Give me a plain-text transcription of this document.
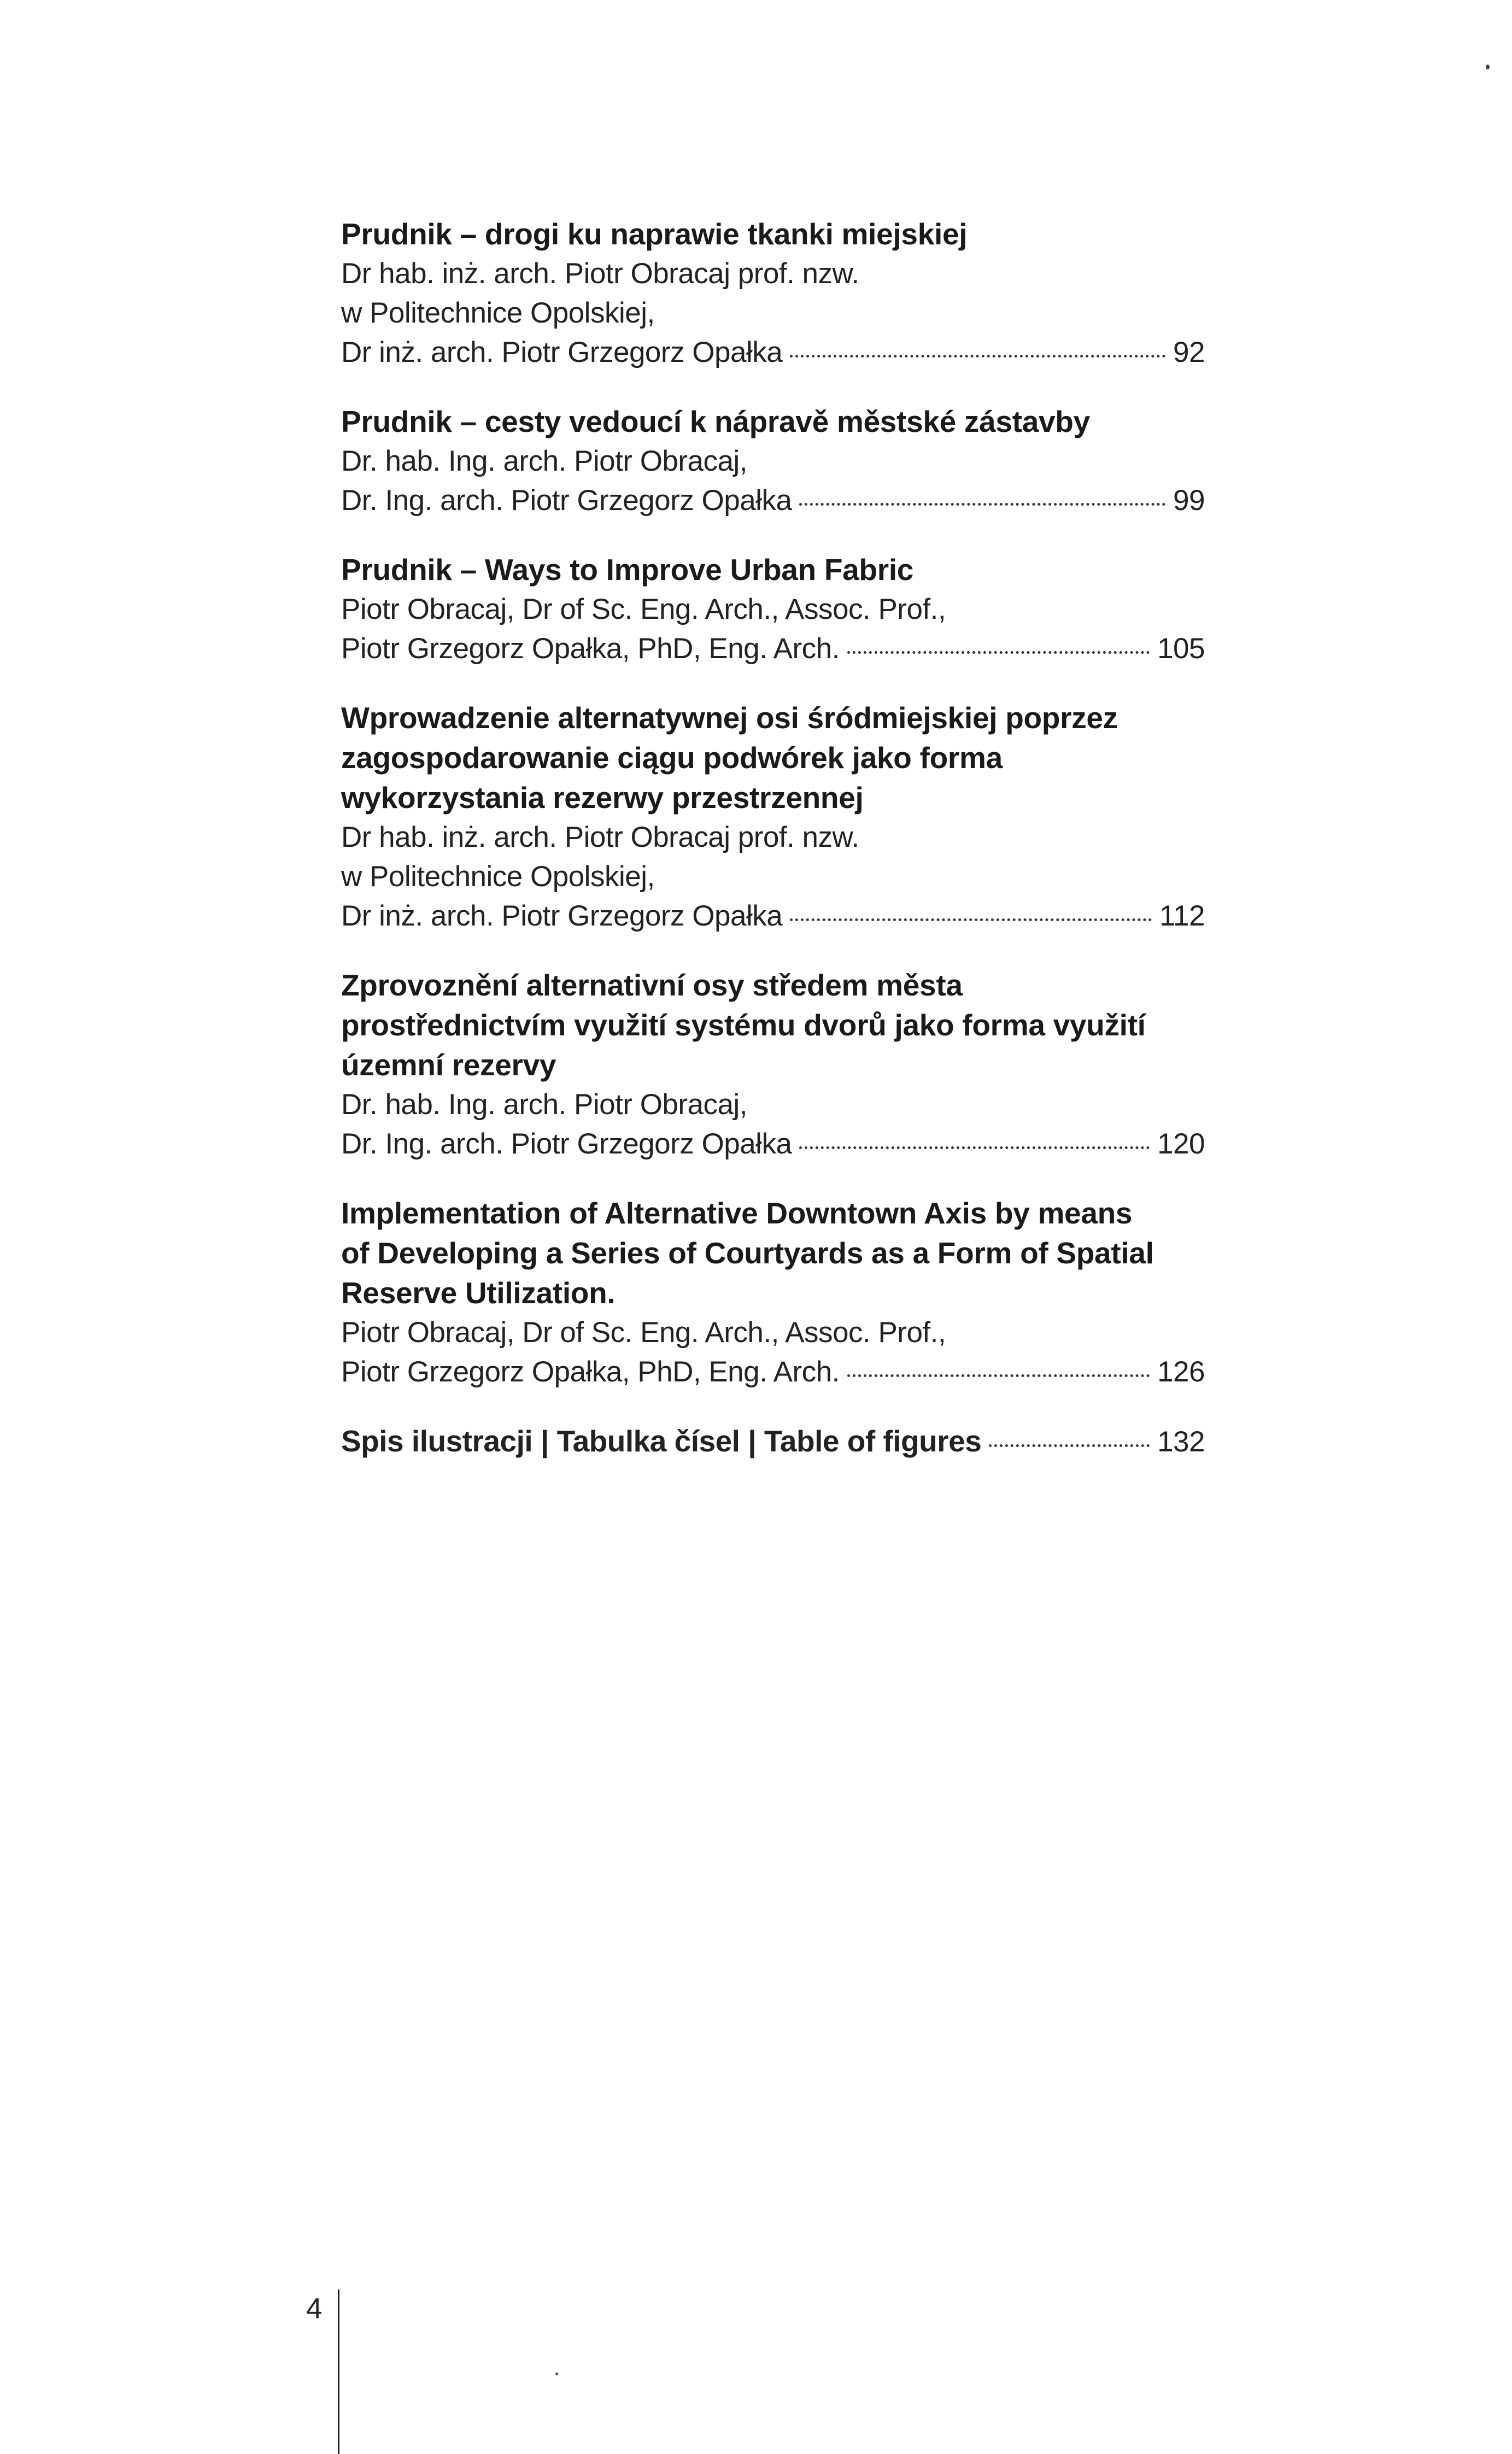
Prudnik – drogi ku naprawie tkanki miejskiej
Dr hab. inż. arch. Piotr Obracaj prof. nzw.
w Politechnice Opolskiej,
Dr inż. arch. Piotr Grzegorz Opałka	92
Prudnik – cesty vedoucí k nápravě městské zástavby
Dr. hab. Ing. arch. Piotr Obracaj,
Dr. Ing. arch. Piotr Grzegorz Opałka	99
Prudnik – Ways to Improve Urban Fabric
Piotr Obracaj, Dr of Sc. Eng. Arch., Assoc. Prof.,
Piotr Grzegorz Opałka, PhD, Eng. Arch.	105
Wprowadzenie alternatywnej osi śródmiejskiej poprzez
zagospodarowanie ciągu podwórek jako forma
wykorzystania rezerwy przestrzennej
Dr hab. inż. arch. Piotr Obracaj prof. nzw.
w Politechnice Opolskiej,
Dr inż. arch. Piotr Grzegorz Opałka	112
Zprovoznění alternativní osy středem města
prostřednictvím využití systému dvorů jako forma využití
územní rezervy
Dr. hab. Ing. arch. Piotr Obracaj,
Dr. Ing. arch. Piotr Grzegorz Opałka	120
Implementation of Alternative Downtown Axis by means
of Developing a Series of Courtyards as a Form of Spatial
Reserve Utilization.
Piotr Obracaj, Dr of Sc. Eng. Arch., Assoc. Prof.,
Piotr Grzegorz Opałka, PhD, Eng. Arch.	126
Spis ilustracji | Tabulka čísel | Table of figures	132
4
